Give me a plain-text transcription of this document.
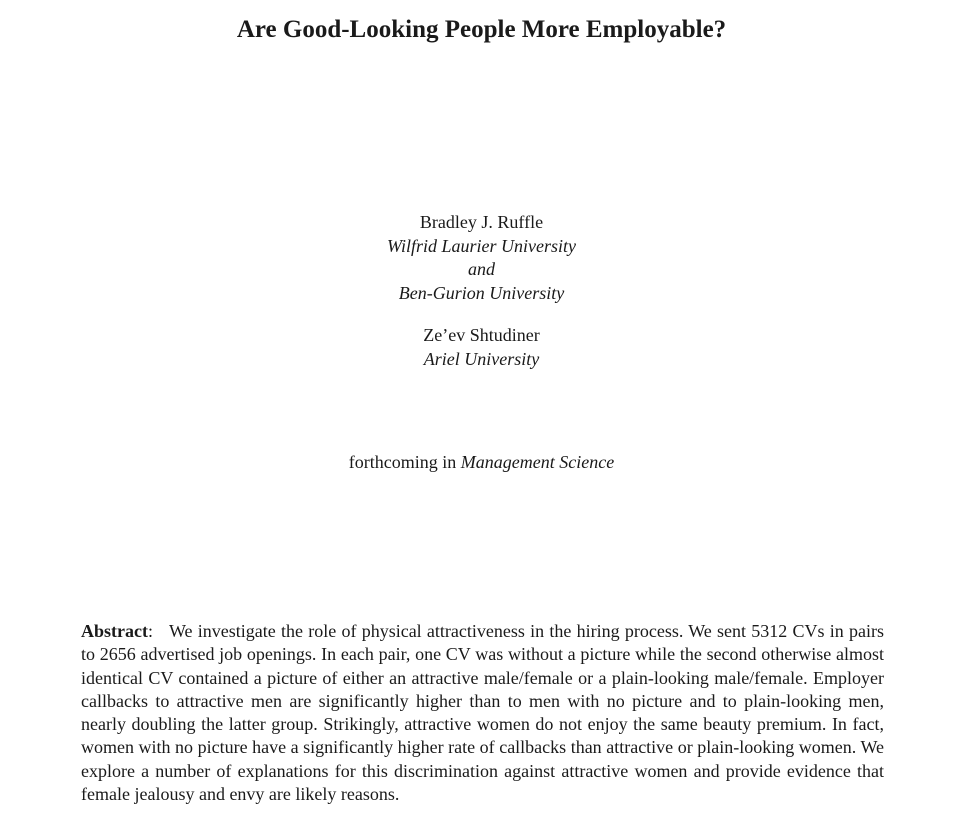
Are Good-Looking People More Employable?
Bradley J. Ruffle
Wilfrid Laurier University
and
Ben-Gurion University
Ze’ev Shtudiner
Ariel University
forthcoming in Management Science

Abstract: We investigate the role of physical attractiveness in the hiring process. We sent 5312 CVs in pairs to 2656 advertised job openings. In each pair, one CV was without a picture while the second otherwise almost identical CV contained a picture of either an attractive male/female or a plain-looking male/female. Employer callbacks to attractive men are significantly higher than to men with no picture and to plain-looking men, nearly doubling the latter group. Strikingly, attractive women do not enjoy the same beauty premium. In fact, women with no picture have a significantly higher rate of callbacks than attractive or plain-looking women. We explore a number of explanations for this discrimination against attractive women and provide evidence that female jealousy and envy are likely reasons.
